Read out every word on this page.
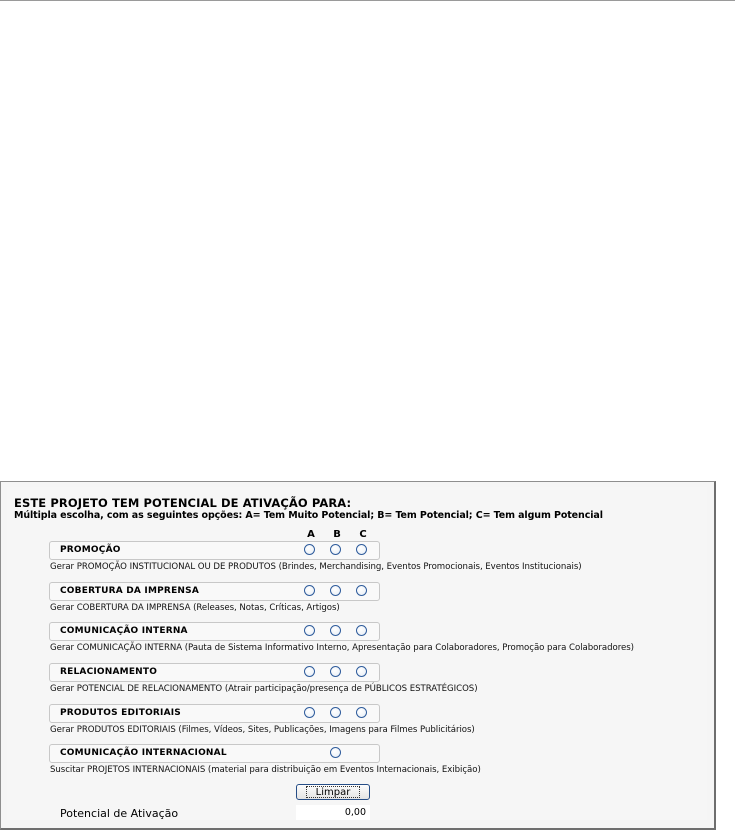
ESTE PROJETO TEM POTENCIAL DE ATIVAÇÃO PARA:
Múltipla escolha, com as seguintes opções: A= Tem Muito Potencial; B= Tem Potencial; C= Tem algum Potencial
A	B	C
PROMOÇÃO
Gerar PROMOÇÃO INSTITUCIONAL OU DE PRODUTOS (Brindes, Merchandising, Eventos Promocionais, Eventos Institucionais)
COBERTURA DA IMPRENSA
Gerar COBERTURA DA IMPRENSA (Releases, Notas, Críticas, Artigos)
COMUNICAÇÃO INTERNA
Gerar COMUNICAÇÃO INTERNA (Pauta de Sistema Informativo Interno, Apresentação para Colaboradores, Promoção para Colaboradores)
RELACIONAMENTO
Gerar POTENCIAL DE RELACIONAMENTO (Atrair participação/presença de PÚBLICOS ESTRATÉGICOS)
PRODUTOS EDITORIAIS
Gerar PRODUTOS EDITORIAIS (Filmes, Vídeos, Sites, Publicações, Imagens para Filmes Publicitários)
COMUNICAÇÃO INTERNACIONAL
Suscitar PROJETOS INTERNACIONAIS (material para distribuição em Eventos Internacionais, Exibição)
Limpar
Potencial de Ativação
0,00
